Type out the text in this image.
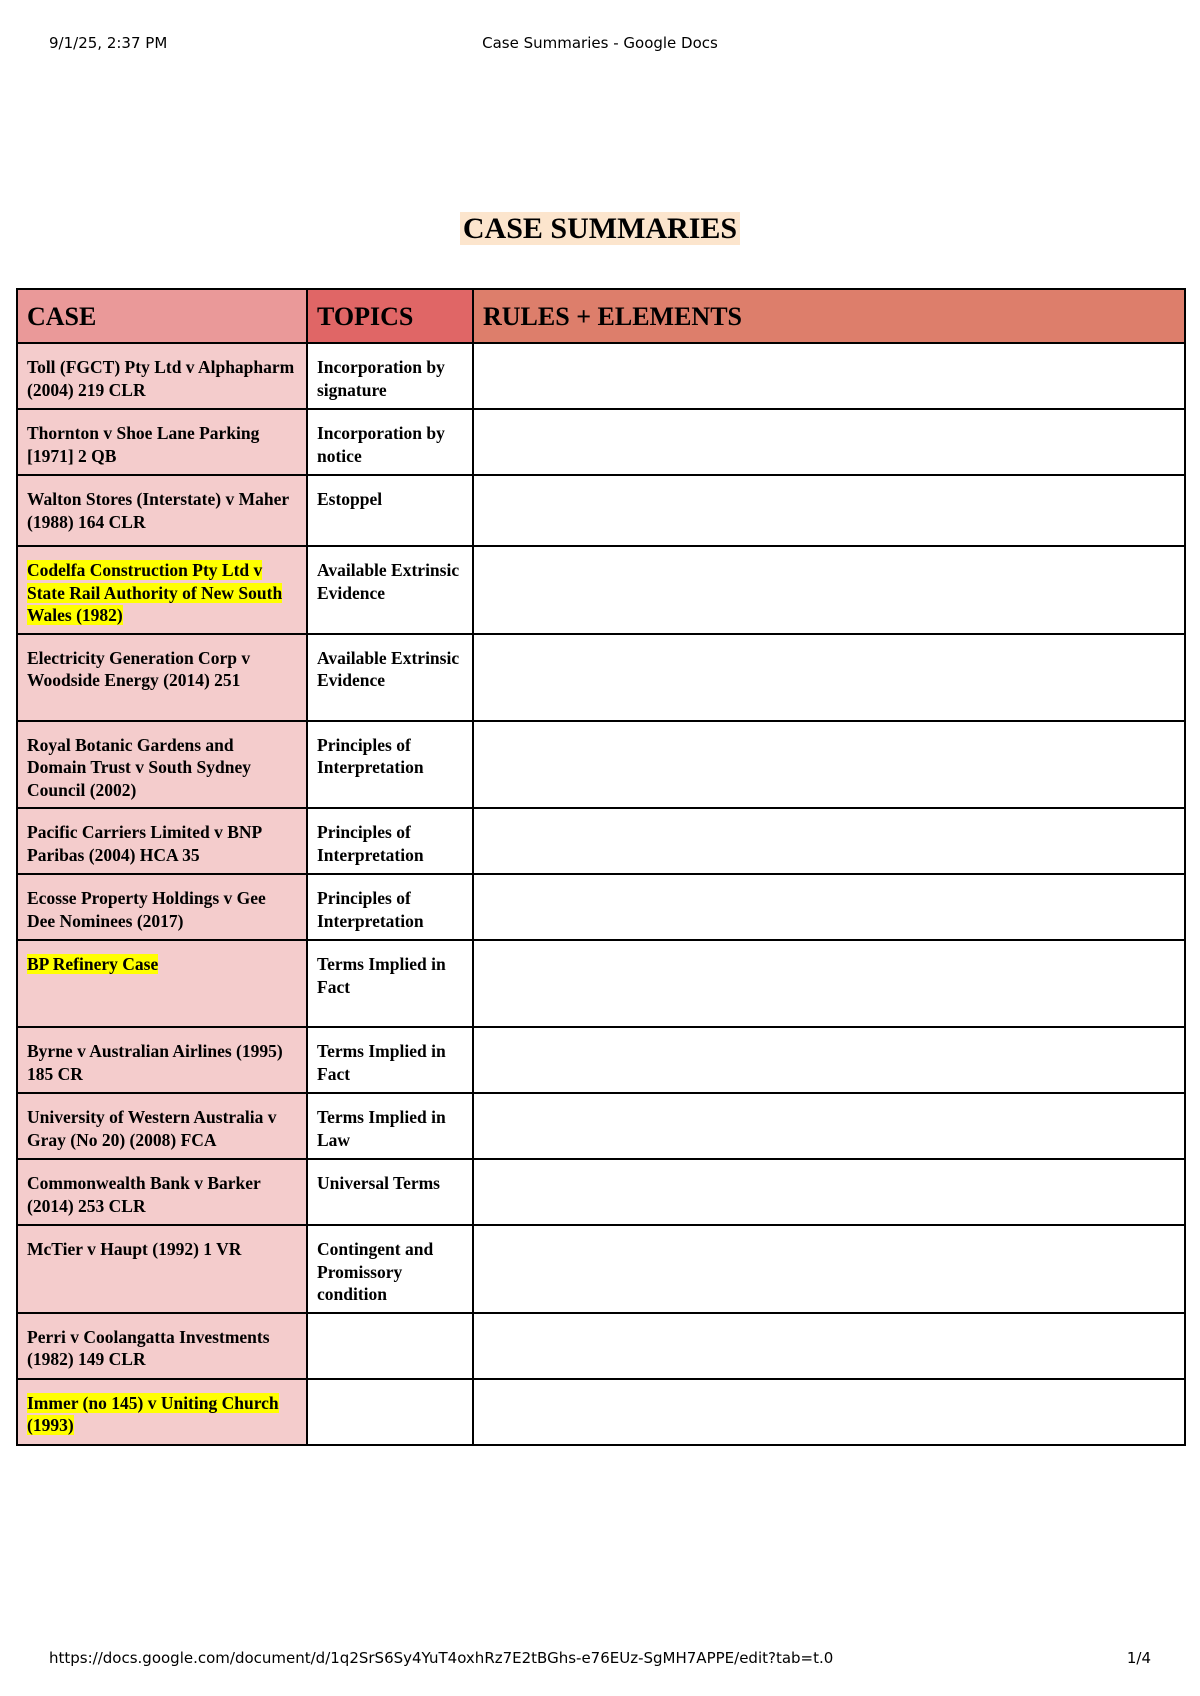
9/1/25, 2:37 PM	Case Summaries - Google Docs
CASE SUMMARIES
CASE	TOPICS	RULES + ELEMENTS
Toll (FGCT) Pty Ltd v Alphapharm (2004) 219 CLR	Incorporation by signature	
Thornton v Shoe Lane Parking [1971] 2 QB	Incorporation by notice	
Walton Stores (Interstate) v Maher (1988) 164 CLR	Estoppel	
Codelfa Construction Pty Ltd v State Rail Authority of New South Wales (1982)	Available Extrinsic Evidence	
Electricity Generation Corp v Woodside Energy (2014) 251	Available Extrinsic Evidence	
Royal Botanic Gardens and Domain Trust v South Sydney Council (2002)	Principles of Interpretation	
Pacific Carriers Limited v BNP Paribas (2004) HCA 35	Principles of Interpretation	
Ecosse Property Holdings v Gee Dee Nominees (2017)	Principles of Interpretation	
BP Refinery Case	Terms Implied in Fact	
Byrne v Australian Airlines (1995) 185 CR	Terms Implied in Fact	
University of Western Australia v Gray (No 20) (2008) FCA	Terms Implied in Law	
Commonwealth Bank v Barker (2014) 253 CLR	Universal Terms	
McTier v Haupt (1992) 1 VR	Contingent and Promissory condition	
Perri v Coolangatta Investments (1982) 149 CLR		
Immer (no 145) v Uniting Church (1993)		
https://docs.google.com/document/d/1q2SrS6Sy4YuT4oxhRz7E2tBGhs-e76EUz-SgMH7APPE/edit?tab=t.0	1/4
